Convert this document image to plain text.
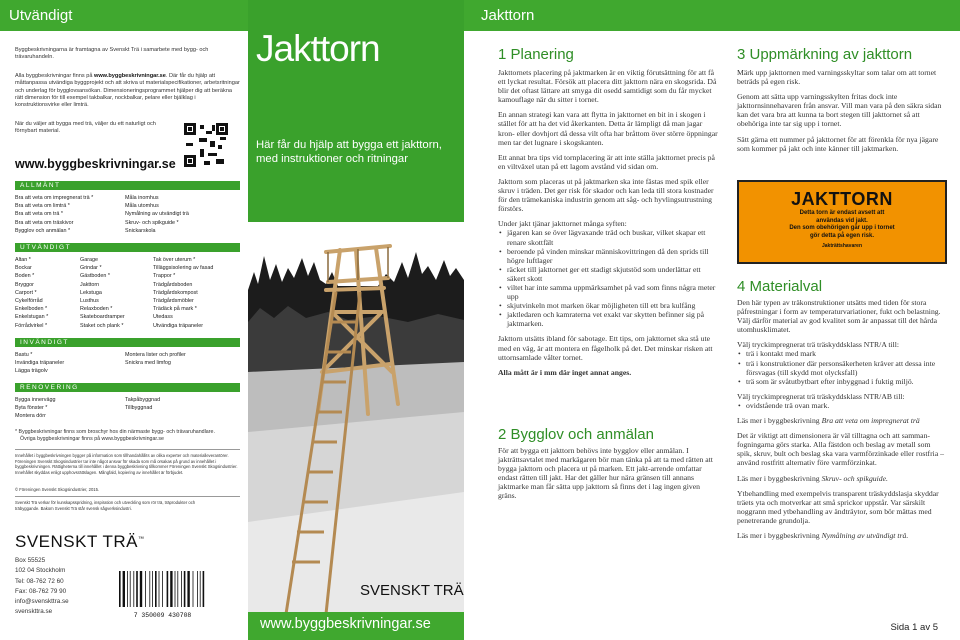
Utvändigt
Byggbeskrivningarna är framtagna av Svenskt Trä i samarbete med bygg- och trävaruhandeln.
Alla byggbeskrivningar finns på www.byggbeskrivningar.se. Där får du hjälp att måttanpassa utvändiga byggprojekt och att skriva ut materialspecifikationer, arbetsritningar och underlag för bygglovsansökan. Dimensioneringsprogrammet hjälper dig att beräkna rätt dimension för till exempel takbalkar, nockbalkar, pelare eller bjälklag i konstruktionsvirke eller limträ.
När du väljer att bygga med trä, väljer du ett naturligt och förnybart material.
www.byggbeskrivningar.se
ALLMÄNT
Bra att veta om impregnerat trä *
Bra att veta om limträ *
Bra att veta om trä *
Bra att veta om träskivor
Bygglov och anmälan *
Måla inomhus
Måla utomhus
Nymålning av utvändigt trä
Skruv- och spikguide *
Snickarskola
UTVÄNDIGT
Altan *
Bockar
Boden *
Bryggor
Carport *
Cykelförråd
Enkelboden *
Enkelstugan *
Förrådvirkel *
Garage
Grindar *
Gästboden *
Jakttorn
Lekstuga
Lusthus
Relaxboden *
Skateboardramper
Staket och plank *
Tak över uterum *
Tilläggsisolering av fasad
Trappor *
Trädgårdsboden
Trädgårdskompost
Trädgårdsmöbler
Trädäck på mark *
Utedass
Utvändiga träpaneler
INVÄNDIGT
Bastu *
Invändiga träpaneler
Lägga trägolv
Montera lister och profiler
Snickra med limfog
RENOVERING
Bygga innervägg
Byta fönster *
Montera dörr
Takpåbyggnad
Tillbyggnad
* Byggbeskrivningar finns som broschyr hos din närmaste bygg- och trävaruhandlare.
Övriga byggbeskrivningar finns på www.byggbeskrivningar.se
Innehållet i byggbeskrivningen bygger på information som tillhandahållits av olika experter och materialleverantörer. Föreningen Svenskt Skogsindustrier tar inte något ansvar för skada som må orsakas på grund av innehållet i byggbeskrivningen. Rättigheterna till innehållet i denna byggbeskrivning tillkommer Föreningen Svenskt Skogsindustrier. Innehållet skyddas enligt upphovsrättslagen. Mångfald, kopiering av innehållet är förbjudet.
© Föreningen Svenskt Skogsindustrier, 2015.
Svenskt Trä verkar för kunskapsspridning, inspiration och utveckling som rör trä, träprodukter och träbyggande. Bakom Svenskt Trä står svensk sågverksindustri.
SVENSKT TRÄ™
Box 55525
102 04 Stockholm
Tel: 08-762 72 60
Fax: 08-762 79 90
info@svenskttra.se
svenskttra.se
7 350009 430708
Jakttorn
Här får du hjälp att bygga ett jakttorn, med instruktioner och ritningar
www.byggbeskrivningar.se
SVENSKT TRÄ
Jakttorn
1 Planering

Jakttornets placering på jaktmarken är en viktig förutsättning för att få ett lyckat resultat. Försök att placera ditt jakttorn nära en skogsrida. Då blir det oftast lättare att smyga dit osedd samtidigt som du får mycket kamouflage när du sitter i tornet.

En annan strategi kan vara att flytta in jakttornet en bit in i skogen i stället för att ha det vid åkerkanten. Detta är lämpligt då man jagar kron- eller dovhjort då dessa vilt ofta har bråttom över större öppningar men tar det lugnare i skogskanten.

Ett annat bra tips vid tornplacering är att inte ställa jakttornet precis på en viltväxel utan på ett lagom avstånd vid sidan om.

Jakttorn som placeras ut på jaktmarken ska inte fästas med spik eller skruv i träden. Det ger risk för skador och kan leda till stora kostnader för den trämekaniska industrin genom att såg- och hyvlingsutrustning förstörs.

Under jakt tjänar jakttornet många syften:

• jägaren kan se över lägvaxande träd och buskar, vilket skapar ett renare skottfält
• beroende på vinden minskar människovittringen då den sprids till högre luftlager
• räcket till jakttornet ger ett stadigt skjutstöd som underlättar ett säkert skott
• viltet har inte samma uppmärksamhet på vad som finns några meter upp
• skjutvinkeln mot marken ökar möjligheten till ett bra kulfång
• jaktledaren och kamraterna vet exakt var skytten befinner sig på jaktmarken.

Jakttorn utsätts ibland för sabotage. Ett tips, om jakttornet ska stå ute med en väg, är att montera en fågelholk på det. Det minskar risken att uttornsamlade vålter tornet.

Alla mått är i mm där inget annat anges.

2 Bygglov och anmälan

För att bygga ett jakttorn behövs inte bygglov eller anmälan. I jakträttsavtalet med markägaren bör man tänka på att ta med rätten att bygga jakttorn och placera ut på marken. Ett jakt-arrende omfattar endast rätten till jakt. Har det gäller hur nära gränsen till annans jaktmarke man får sätta upp jakttorn så finns det i lag ingen given gräns.

3 Uppmärkning av jakttorn

Märk upp jakttornen med varningsskyltar som talar om att tornet beträds på egen risk.

Genom att sätta upp varningsskylten fritas dock inte jakttornsinnehavaren från ansvar. Vill man vara på den säkra sidan kan det vara bra att kunna ta bort stegen till jakttornet så att obehöriga inte tar sig upp i tornet.

Sätt gärna ett nummer på jakttornet för att förenkla för nya jägare som kommer på jakt och inte känner till jaktmarken.

JAKTTORN
Detta torn är endast avsett att
användas vid jakt.
Den som obehörigen går upp i tornet
gör detta på egen risk.
Jakträttshavaren
4 Materialval

Den här typen av träkonstruktioner utsätts med tiden för stora påfrestningar i form av temperaturvariationer, fukt och belastning. Välj därför material av god kvalitet som är anpassat till det hårda utomhusklimatet.

Välj tryckimpregnerat trä träskyddsklass NTR/A till:

• trä i kontakt med mark
• trä i konstruktioner där personsäkerheten kräver att dessa inte försvagas (till skydd mot olycksfall)
• trä som är svåtutbytbart efter inbyggnad i fuktig miljö.

Välj tryckimpregnerat trä träskyddsklass NTR/AB till:

• ovidstående trä ovan mark.

Läs mer i byggbeskrivning Bra att veta om impregnerat trä

Det är viktigt att dimensionera är väl tilltagna och att samman-fogningarna görs starka. Alla fästdon och beslag av metall som spik, skruv, bult och beslag ska vara varmförzinkade eller rostfria – använd rostfritt alternativ före varmförzinkat.

Läs mer i byggbeskrivning Skruv- och spikguide.

Ytbehandling med exempelvis transparent träskyddslasja skyddar träets yta och motverkar att små sprickor uppstår. Var särskilt noggrann med ytbehandling av ändträytor, som bör mättas med penetrerande grundolja.

Läs mer i byggbeskrivning Nymålning av utvändigt trä.

Sida 1 av 5
